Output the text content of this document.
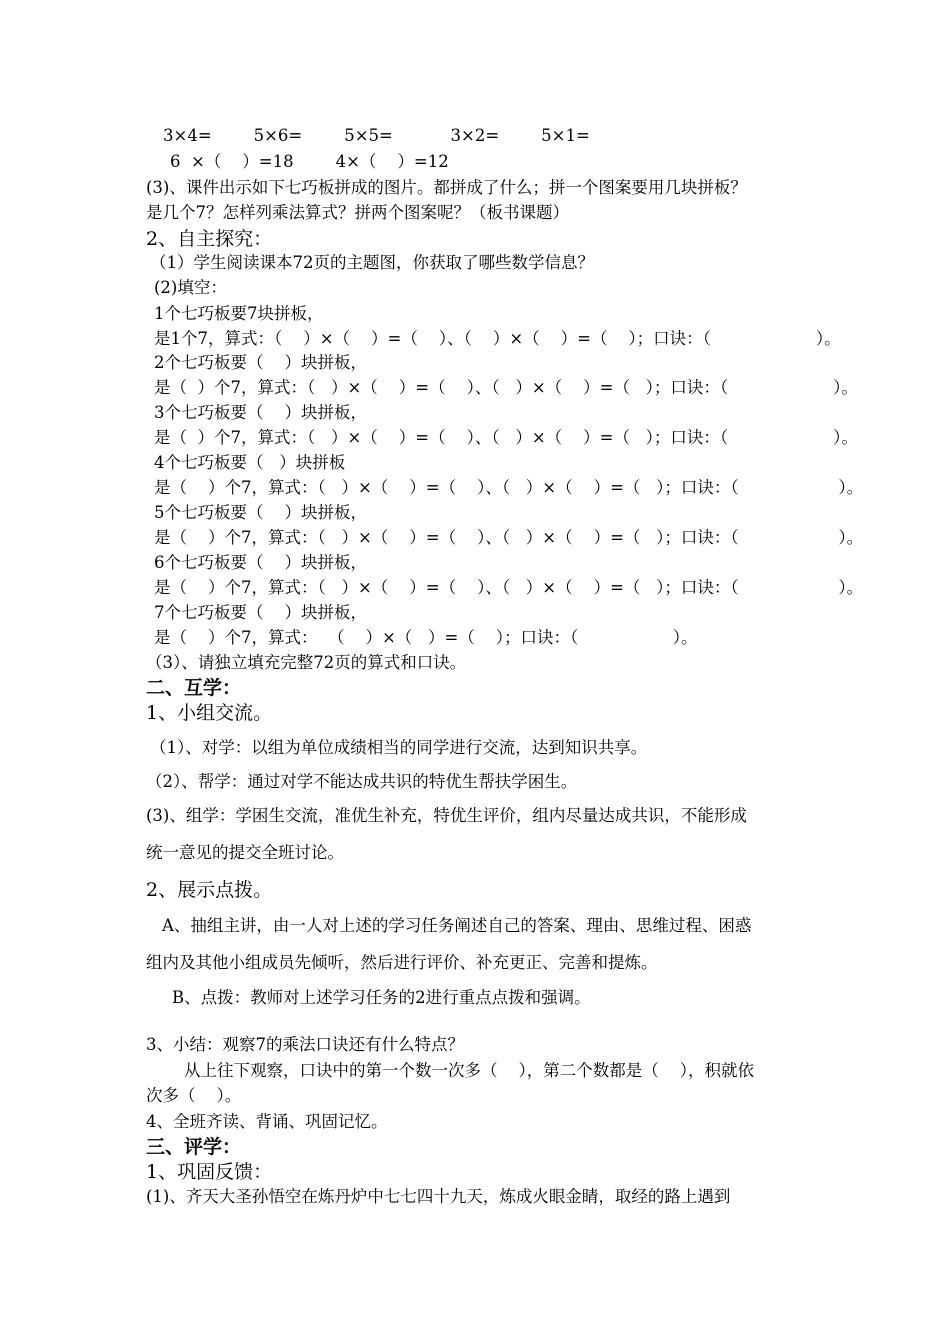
3×4=        5×6=        5×5=           3×2=        5×1=
6  ×（    ）=18        4×（    ）=12
(3)、课件出示如下七巧板拼成的图片。都拼成了什么；拼一个图案要用几块拼板？
是几个7？怎样列乘法算式？拼两个图案呢？（板书课题）
2、自主探究：
（1）学生阅读课本72页的主题图，你获取了哪些数学信息？
(2)填空：
1个七巧板要7块拼板，
是1个7，算式：（    ）×（    ）=（    ）、（    ）×（    ）=（    ）；口诀：（                    ）。
2个七巧板要（    ）块拼板，
是（  ）个7，算式：（   ）×（    ）=（    ）、（   ）×（    ）=（   ）；口诀：（                    ）。
3个七巧板要（    ）块拼板，
是（  ）个7，算式：（   ）×（    ）=（    ）、（   ）×（    ）=（   ）；口诀：（                    ）。
4个七巧板要（   ）块拼板
是（    ）个7，算式：（   ）×（    ）=（    ）、（   ）×（    ）=（   ）；口诀：（                   ）。
5个七巧板要（    ）块拼板，
是（    ）个7，算式：（   ）×（    ）=（    ）、（   ）×（    ）=（   ）；口诀：（                   ）。
6个七巧板要（    ）块拼板，
是（    ）个7，算式：（   ）×（    ）=（    ）、（   ）×（    ）=（   ）；口诀：（                   ）。
7个七巧板要（    ）块拼板，
是（    ）个7，算式：  （    ）×（   ）=（    ）；口诀：（                  ）。
（3）、请独立填充完整72页的算式和口诀。
二、互学：
1、小组交流。
（1）、对学：以组为单位成绩相当的同学进行交流，达到知识共享。
（2）、帮学：通过对学不能达成共识的特优生帮扶学困生。
(3)、组学：学困生交流，准优生补充，特优生评价，组内尽量达成共识，不能形成
统一意见的提交全班讨论。
2、展示点拨。
A、抽组主讲，由一人对上述的学习任务阐述自己的答案、理由、思维过程、困惑
组内及其他小组成员先倾听，然后进行评价、补充更正、完善和提炼。
B、点拨：教师对上述学习任务的2进行重点点拨和强调。
3、小结：观察7的乘法口诀还有什么特点？
从上往下观察，口诀中的第一个数一次多（    ），第二个数都是（    ），积就依
次多（    ）。
4、全班齐读、背诵、巩固记忆。
三、评学：
1、巩固反馈：
(1)、齐天大圣孙悟空在炼丹炉中七七四十九天，炼成火眼金睛，取经的路上遇到
